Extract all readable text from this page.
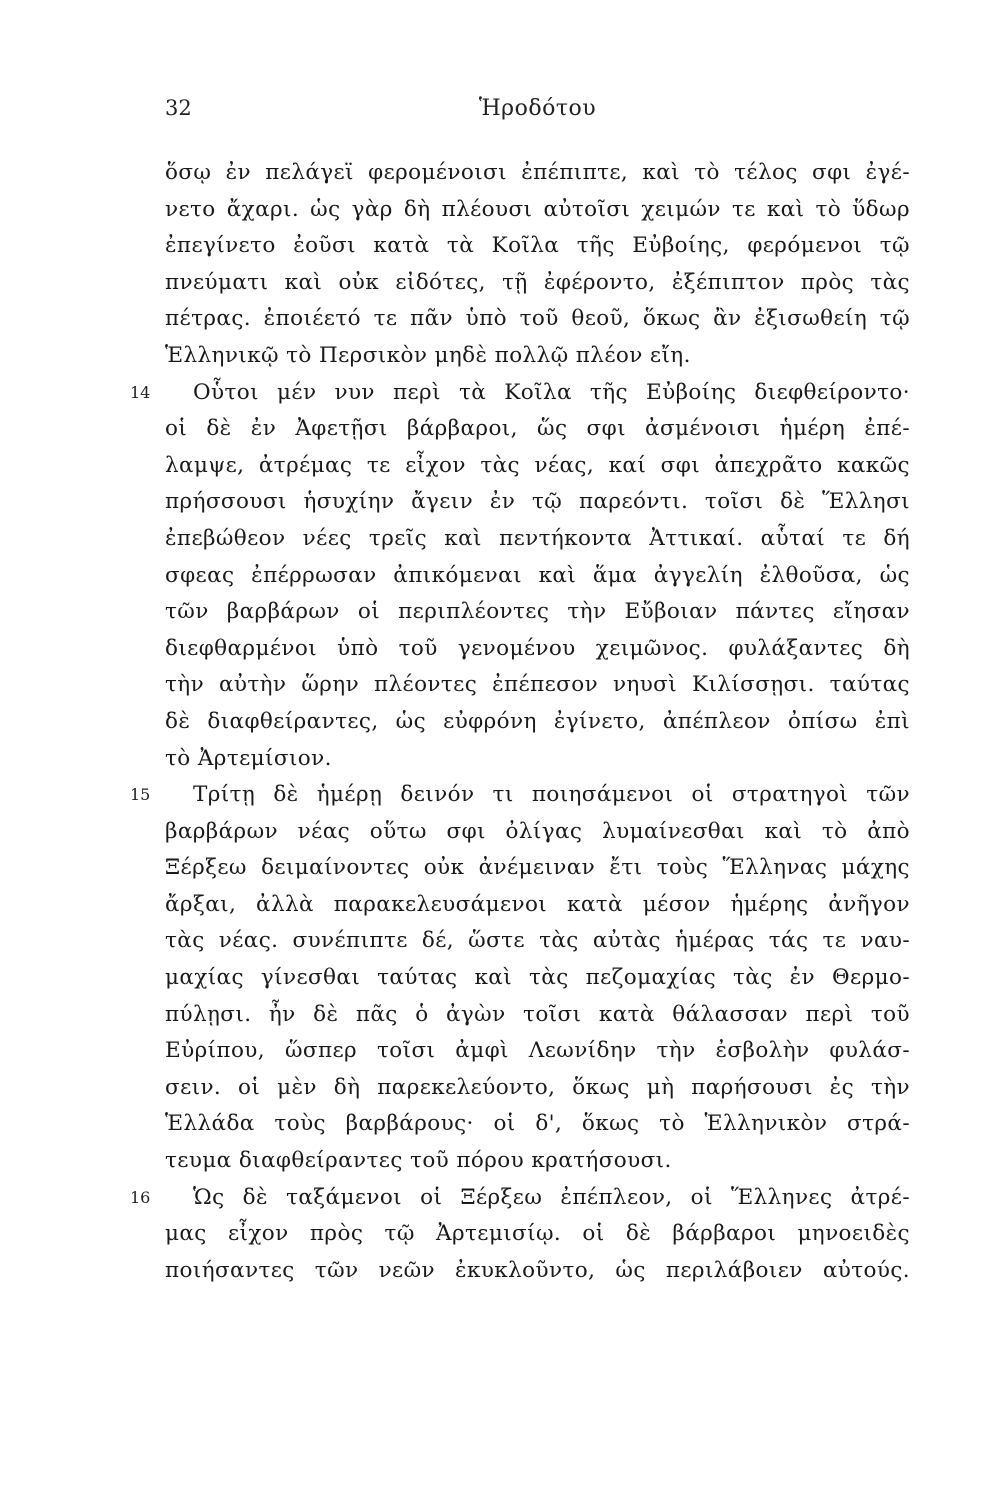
32	Ἡροδότου
ὅσῳ ἐν πελάγεϊ φερομένοισι ἐπέπιπτε, καὶ τὸ τέλος σφι ἐγέ-
νετο ἄχαρι. ὡς γὰρ δὴ πλέουσι αὐτοῖσι χειμών τε καὶ τὸ ὕδωρ
ἐπεγίνετο ἐοῦσι κατὰ τὰ Κοῖλα τῆς Εὐβοίης, φερόμενοι τῷ
πνεύματι καὶ οὐκ εἰδότες, τῇ ἐφέροντο, ἐξέπιπτον πρὸς τὰς
πέτρας. ἐποιέετό τε πᾶν ὑπὸ τοῦ θεοῦ, ὅκως ἂν ἐξισωθείη τῷ
Ἑλληνικῷ τὸ Περσικὸν μηδὲ πολλῷ πλέον εἴη.
14 Οὗτοι μέν νυν περὶ τὰ Κοῖλα τῆς Εὐβοίης διεφθείροντο·
οἱ δὲ ἐν Ἀφετῇσι βάρβαροι, ὥς σφι ἀσμένοισι ἡμέρη ἐπέ-
λαμψε, ἀτρέμας τε εἶχον τὰς νέας, καί σφι ἀπεχρᾶτο κακῶς
πρήσσουσι ἡσυχίην ἄγειν ἐν τῷ παρεόντι. τοῖσι δὲ Ἕλλησι
ἐπεβώθεον νέες τρεῖς καὶ πεντήκοντα Ἀττικαί. αὗταί τε δή
σφεας ἐπέρρωσαν ἀπικόμεναι καὶ ἅμα ἀγγελίη ἐλθοῦσα, ὡς
τῶν βαρβάρων οἱ περιπλέοντες τὴν Εὔβοιαν πάντες εἴησαν
διεφθαρμένοι ὑπὸ τοῦ γενομένου χειμῶνος. φυλάξαντες δὴ
τὴν αὐτὴν ὥρην πλέοντες ἐπέπεσον νηυσὶ Κιλίσσῃσι. ταύτας
δὲ διαφθείραντες, ὡς εὐφρόνη ἐγίνετο, ἀπέπλεον ὀπίσω ἐπὶ
τὸ Ἀρτεμίσιον.
15 Τρίτῃ δὲ ἡμέρῃ δεινόν τι ποιησάμενοι οἱ στρατηγοὶ τῶν
βαρβάρων νέας οὕτω σφι ὀλίγας λυμαίνεσθαι καὶ τὸ ἀπὸ
Ξέρξεω δειμαίνοντες οὐκ ἀνέμειναν ἔτι τοὺς Ἕλληνας μάχης
ἄρξαι, ἀλλὰ παρακελευσάμενοι κατὰ μέσον ἡμέρης ἀνῆγον
τὰς νέας. συνέπιπτε δέ, ὥστε τὰς αὐτὰς ἡμέρας τάς τε ναυ-
μαχίας γίνεσθαι ταύτας καὶ τὰς πεζομαχίας τὰς ἐν Θερμο-
πύλῃσι. ἦν δὲ πᾶς ὁ ἀγὼν τοῖσι κατὰ θάλασσαν περὶ τοῦ
Εὐρίπου, ὥσπερ τοῖσι ἀμφὶ Λεωνίδην τὴν ἐσβολὴν φυλάσ-
σειν. οἱ μὲν δὴ παρεκελεύοντο, ὅκως μὴ παρήσουσι ἐς τὴν
Ἑλλάδα τοὺς βαρβάρους· οἱ δ', ὅκως τὸ Ἑλληνικὸν στρά-
τευμα διαφθείραντες τοῦ πόρου κρατήσουσι.
16 Ὡς δὲ ταξάμενοι οἱ Ξέρξεω ἐπέπλεον, οἱ Ἕλληνες ἀτρέ-
μας εἶχον πρὸς τῷ Ἀρτεμισίῳ. οἱ δὲ βάρβαροι μηνοειδὲς
ποιήσαντες τῶν νεῶν ἐκυκλοῦντο, ὡς περιλάβοιεν αὐτούς.
